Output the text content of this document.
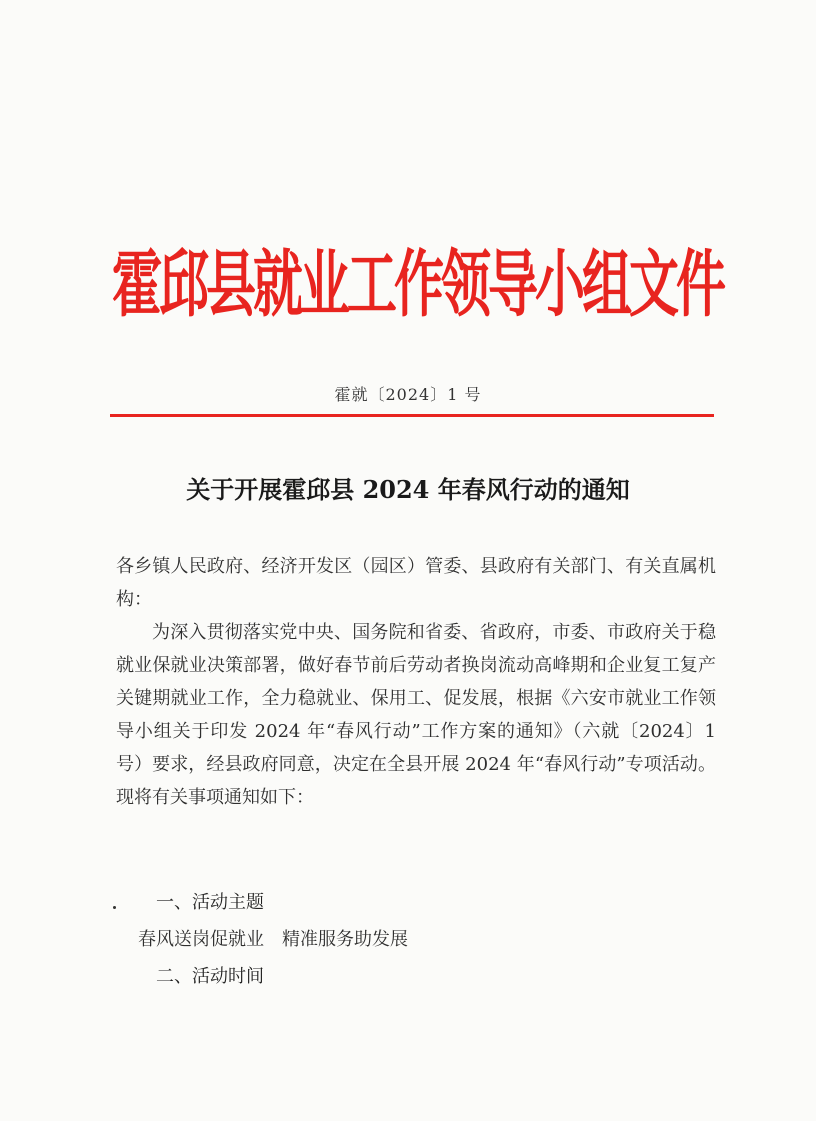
霍邱县就业工作领导小组文件
霍就〔2024〕1 号
关于开展霍邱县 2024 年春风行动的通知

各乡镇人民政府、经济开发区（园区）管委、县政府有关部门、有关直属机构：

为深入贯彻落实党中央、国务院和省委、省政府，市委、市政府关于稳就业保就业决策部署，做好春节前后劳动者换岗流动高峰期和企业复工复产关键期就业工作，全力稳就业、保用工、促发展，根据《六安市就业工作领导小组关于印发 2024 年“春风行动”工作方案的通知》（六就〔2024〕1 号）要求，经县政府同意，决定在全县开展 2024 年“春风行动”专项活动。现将有关事项通知如下：

一、活动主题
春风送岗促就业　精准服务助发展
二、活动时间
